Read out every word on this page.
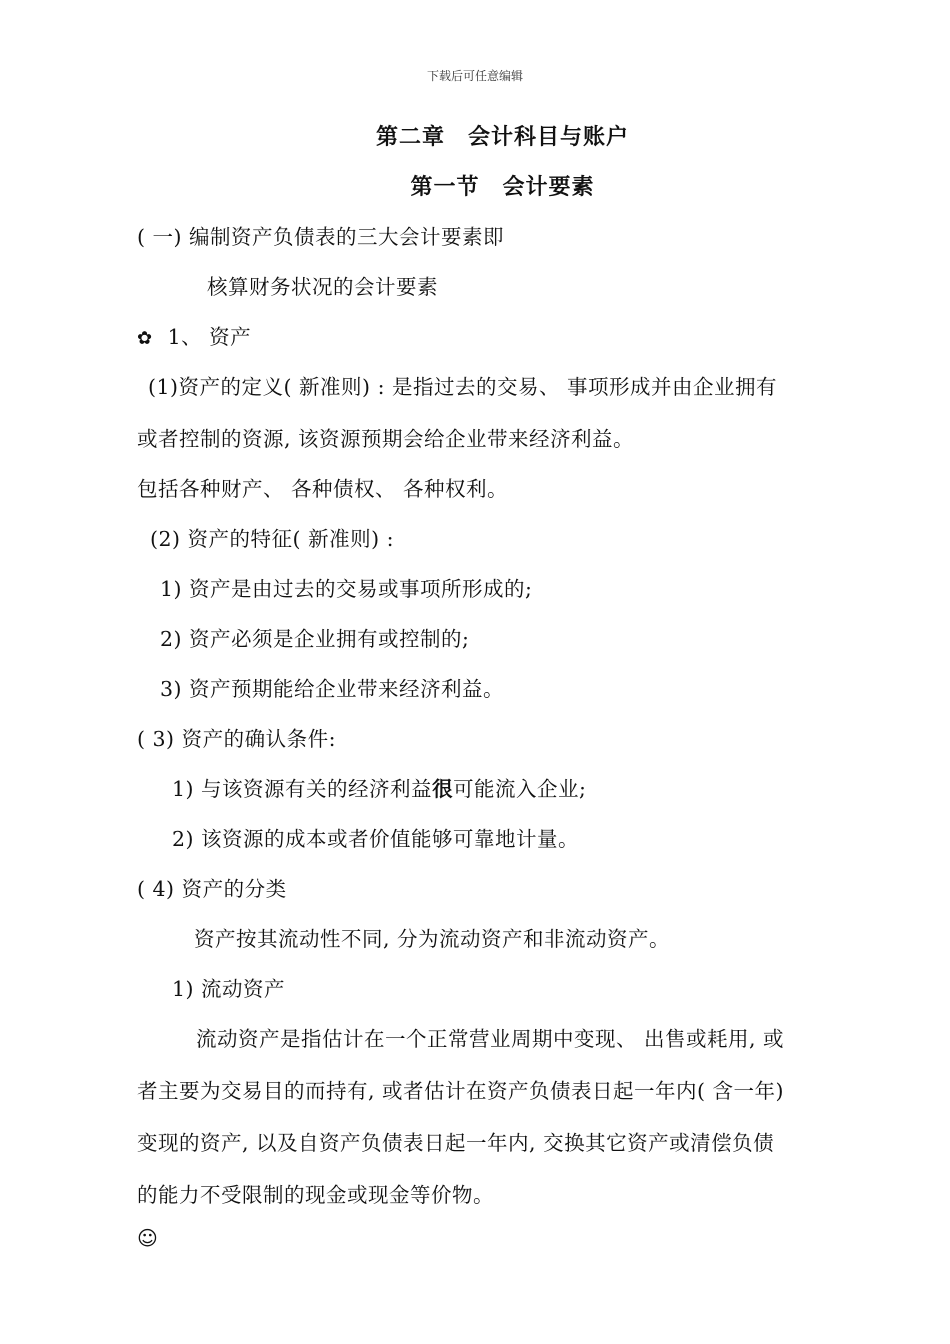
下载后可任意编辑
第二章　会计科目与账户
第一节　会计要素
( 一) 编制资产负债表的三大会计要素即
核算财务状况的会计要素
✿ 1、 资产
(1)资产的定义( 新准则) : 是指过去的交易、 事项形成并由企业拥有
或者控制的资源, 该资源预期会给企业带来经济利益。
包括各种财产、 各种债权、 各种权利。
(2) 资产的特征( 新准则) :
1) 资产是由过去的交易或事项所形成的;
2) 资产必须是企业拥有或控制的;
3) 资产预期能给企业带来经济利益。
( 3) 资产的确认条件:
1) 与该资源有关的经济利益很可能流入企业;
2) 该资源的成本或者价值能够可靠地计量。
( 4) 资产的分类
资产按其流动性不同, 分为流动资产和非流动资产。
1) 流动资产
流动资产是指估计在一个正常营业周期中变现、 出售或耗用, 或
者主要为交易目的而持有, 或者估计在资产负债表日起一年内( 含一年)
变现的资产, 以及自资产负债表日起一年内, 交换其它资产或清偿负债
的能力不受限制的现金或现金等价物。
☺
